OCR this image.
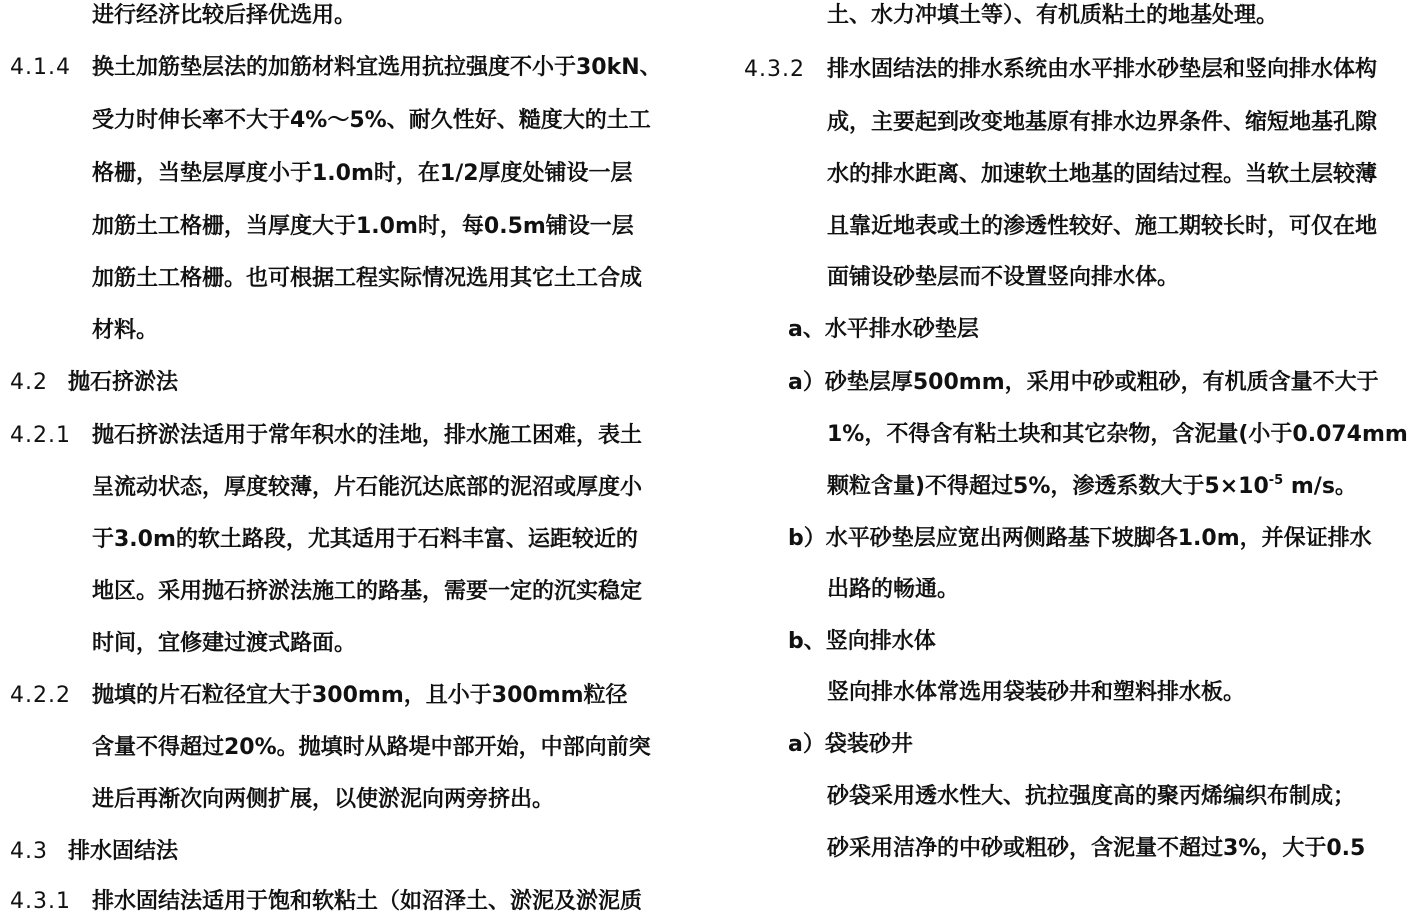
进行经济比较后择优选用。
4.1.4 换土加筋垫层法的加筋材料宜选用抗拉强度不小于30kN、
受力时伸长率不大于4%～5%、耐久性好、糙度大的土工
格栅，当垫层厚度小于1.0m时，在1/2厚度处铺设一层
加筋土工格栅，当厚度大于1.0m时，每0.5m铺设一层
加筋土工格栅。也可根据工程实际情况选用其它土工合成
材料。
4.2 抛石挤淤法
4.2.1 抛石挤淤法适用于常年积水的洼地，排水施工困难，表土
呈流动状态，厚度较薄，片石能沉达底部的泥沼或厚度小
于3.0m的软土路段，尤其适用于石料丰富、运距较近的
地区。采用抛石挤淤法施工的路基，需要一定的沉实稳定
时间，宜修建过渡式路面。
4.2.2 抛填的片石粒径宜大于300mm，且小于300mm粒径
含量不得超过20%。抛填时从路堤中部开始，中部向前突
进后再渐次向两侧扩展，以使淤泥向两旁挤出。
4.3 排水固结法
4.3.1 排水固结法适用于饱和软粘土（如沼泽土、淤泥及淤泥质
土、水力冲填土等）、有机质粘土的地基处理。
4.3.2 排水固结法的排水系统由水平排水砂垫层和竖向排水体构
成，主要起到改变地基原有排水边界条件、缩短地基孔隙
水的排水距离、加速软土地基的固结过程。当软土层较薄
且靠近地表或土的渗透性较好、施工期较长时，可仅在地
面铺设砂垫层而不设置竖向排水体。
a、水平排水砂垫层
a）砂垫层厚500mm，采用中砂或粗砂，有机质含量不大于
1%，不得含有粘土块和其它杂物，含泥量(小于0.074mm
颗粒含量)不得超过5%，渗透系数大于$5\times 10^{-5}$ m/s。
b）水平砂垫层应宽出两侧路基下坡脚各1.0m，并保证排水
出路的畅通。
b、竖向排水体
竖向排水体常选用袋装砂井和塑料排水板。
a）袋装砂井
砂袋采用透水性大、抗拉强度高的聚丙烯编织布制成；
砂采用洁净的中砂或粗砂，含泥量不超过3%，大于0.5
